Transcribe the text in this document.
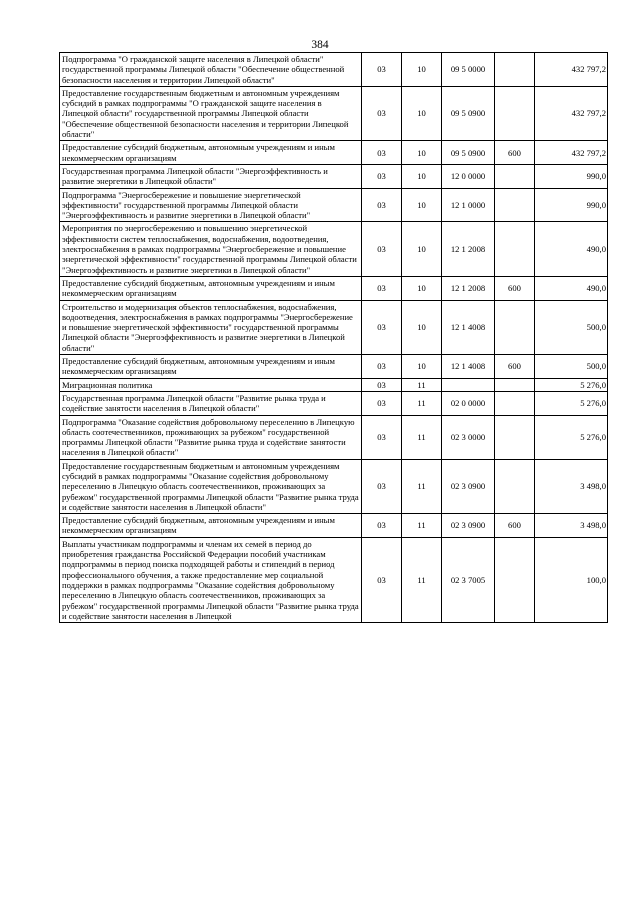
384
Подпрограмма "О гражданской защите населения в Липецкой области" государственной программы Липецкой области "Обеспечение общественной безопасности населения и территории Липецкой области"	03	10	09 5 0000		432 797,2
Предоставление государственным бюджетным и автономным учреждениям субсидий в рамках подпрограммы "О гражданской защите населения в Липецкой области" государственной программы Липецкой области "Обеспечение общественной безопасности населения и территории Липецкой области"	03	10	09 5 0900		432 797,2
Предоставление субсидий бюджетным, автономным учреждениям и иным некоммерческим организациям	03	10	09 5 0900	600	432 797,2
Государственная программа Липецкой области "Энергоэффективность и развитие энергетики в Липецкой области"	03	10	12 0 0000		990,0
Подпрограмма "Энергосбережение и повышение энергетической эффективности" государственной программы Липецкой области "Энергоэффективность и развитие энергетики в Липецкой области"	03	10	12 1 0000		990,0
Мероприятия по энергосбережению и повышению энергетической эффективности систем теплоснабжения, водоснабжения, водоотведения, электроснабжения в рамках подпрограммы "Энергосбережение и повышение энергетической эффективности" государственной программы Липецкой области "Энергоэффективность и развитие энергетики в Липецкой области"	03	10	12 1 2008		490,0
Предоставление субсидий бюджетным, автономным учреждениям и иным некоммерческим организациям	03	10	12 1 2008	600	490,0
Строительство и модернизация объектов теплоснабжения, водоснабжения, водоотведения, электроснабжения в рамках подпрограммы "Энергосбережение и повышение энергетической эффективности" государственной программы Липецкой области "Энергоэффективность и развитие энергетики в Липецкой области"	03	10	12 1 4008		500,0
Предоставление субсидий бюджетным, автономным учреждениям и иным некоммерческим организациям	03	10	12 1 4008	600	500,0
Миграционная политика	03	11			5 276,0
Государственная программа Липецкой области "Развитие рынка труда и содействие занятости населения в Липецкой области"	03	11	02 0 0000		5 276,0
Подпрограмма "Оказание содействия добровольному переселению в Липецкую область соотечественников, проживающих за рубежом" государственной программы Липецкой области "Развитие рынка труда и содействие занятости населения в Липецкой области"	03	11	02 3 0000		5 276,0
Предоставление государственным бюджетным и автономным учреждениям субсидий в рамках подпрограммы "Оказание содействия добровольному переселению в Липецкую область соотечественников, проживающих за рубежом" государственной программы Липецкой области "Развитие рынка труда и содействие занятости населения в Липецкой области"	03	11	02 3 0900		3 498,0
Предоставление субсидий бюджетным, автономным учреждениям и иным некоммерческим организациям	03	11	02 3 0900	600	3 498,0
Выплаты участникам подпрограммы и членам их семей в период до приобретения гражданства Российской Федерации пособий участникам подпрограммы в период поиска подходящей работы и стипендий в период профессионального обучения, а также предоставление мер социальной поддержки в рамках подпрограммы "Оказание содействия добровольному переселению в Липецкую область соотечественников, проживающих за рубежом" государственной программы Липецкой области "Развитие рынка труда и содействие занятости населения в Липецкой	03	11	02 3 7005		100,0
